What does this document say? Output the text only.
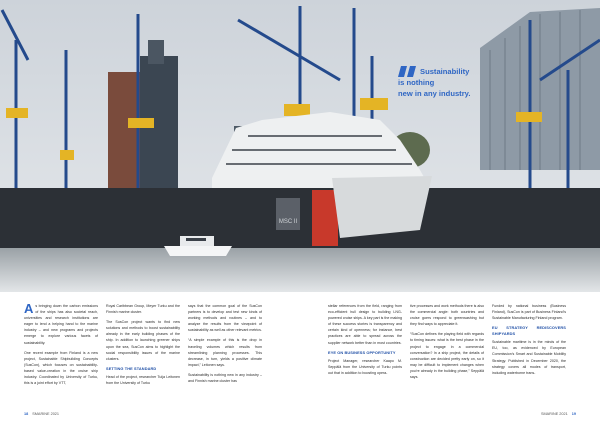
MSC II
Sustainability
is nothing
new in any industry.

As bringing down the carbon emissions of the ships has also societal reach, universities and research institutions are eager to lend a helping hand to the marine industry – and new programs and projects emerge to explore various facets of sustainability.

One recent example from Finland is a new project, Sustainable Shipbuilding Concepts (SusCon), which focuses on sustainability-based value-creation in the cruise ship industry. Coordinated by University of Turku, this is a joint effort by VTT,

Royal Caribbean Group, Meyer Turku and the Finnish marine cluster.

The SusCon project wants to find new solutions and methods to boost sustainability already in the early building phases of the ship. In addition to launching greener ships upon the sea, SusCon aims to highlight the social responsibility issues of the marine clusters.

SETTING THE STANDARD

Head of the project, researcher Tuija Leitonen from the University of Turku

says that the common goal of the SusCon partners is to develop and test new kinds of working methods and routines – and to analyze the results from the viewpoint of sustainability as well as other relevant metrics.

“A simple example of this is the drop in traveling volumes which results from streamlining planning processes. This decrease, in turn, yields a positive climate impact,” Leitonen says.

Sustainability is nothing new in any industry – and Finnish marine cluster has

stellar references from the field, ranging from eco-efficient hull design to building LNG-powered cruise ships. A key part is the making of these success stories is transparency and certain kind of openness; for instance, best practices are able to spread across the supplier network better than in most countries.

EYE ON BUSINESS OPPORTUNITY

Project Manager, researcher Kaapo M. Seppälä from the University of Turku points out that in addition to boosting opera-

tive processes and work methods there is also the commercial angle: both countries and cruise goers respond to greenwashing but they find ways to appreciate it.

“SusCon defines the playing field with regards to timing issues: what is the best phase in the project to engage in a commercial conversation? In a ship project, the details of construction are decided pretty early on, so it may be difficult to implement changes when you're already in the building phase,” Seppälä says.

Funded by national business (Business Finland), SusCon is part of Business Finland’s Sustainable Manufacturing Finland program.

EU STRATEGY REDISCOVERS SHIPYARDS

Sustainable maritime is in the minds of the EU, too, as evidenced by European Commission’s Smart and Sustainable Mobility Strategy. Published in December 2020, the strategy covers all modes of transport, including waterborne trans-

18 SMARINE 2021	SMARINE 2021 19
